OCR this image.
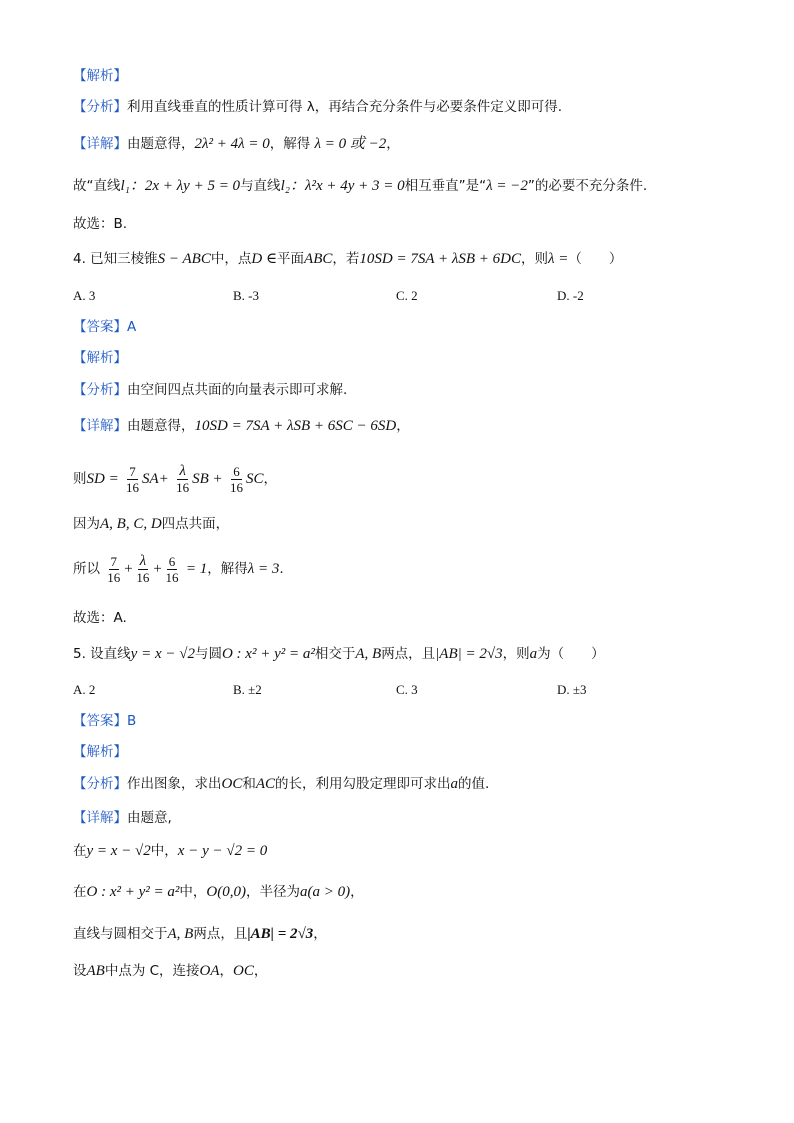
【解析】
【分析】利用直线垂直的性质计算可得 λ，再结合充分条件与必要条件定义即可得.
【详解】由题意得，2λ² + 4λ = 0，解得 λ = 0 或 −2，
故“直线l₁：2x + λy + 5 = 0与直线l₂：λ²x + 4y + 3 = 0相互垂直”是“λ = −2”的必要不充分条件.
故选：B.
4. 已知三棱锥S − ABC中，点D ∈平面ABC，若10SD = 7SA + λSB + 6DC，则λ =（　　）
A. 3	B. -3	C. 2	D. -2
【答案】A
【解析】
【分析】由空间四点共面的向量表示即可求解.
【详解】由题意得，10SD = 7SA + λSB + 6SC − 6SD，
则SD = $\frac{7}{16} SA+ \frac{\lambda}{16}$ SB + $\frac{6}{16}$ SC，
因为A, B, C, D四点共面，
所以 $\frac{7}{16} + \frac{\lambda}{16} + \frac{6}{16} = 1$，解得λ = 3.
故选：A.
5. 设直线y = x − √2与圆O : x² + y² = a²相交于A, B两点，且|AB| = 2√3，则a为（　　）
A. 2	B. ±2	C. 3	D. ±3
【答案】B
【解析】
【分析】作出图象，求出OC和AC的长，利用勾股定理即可求出a的值.
【详解】由题意,
在y = x − √2中，x − y − √2 = 0
在O : x² + y² = a²中，O(0,0)，半径为a(a > 0)，
直线与圆相交于A, B两点，且|AB| = 2√3，
设AB中点为 C，连接OA，OC，
